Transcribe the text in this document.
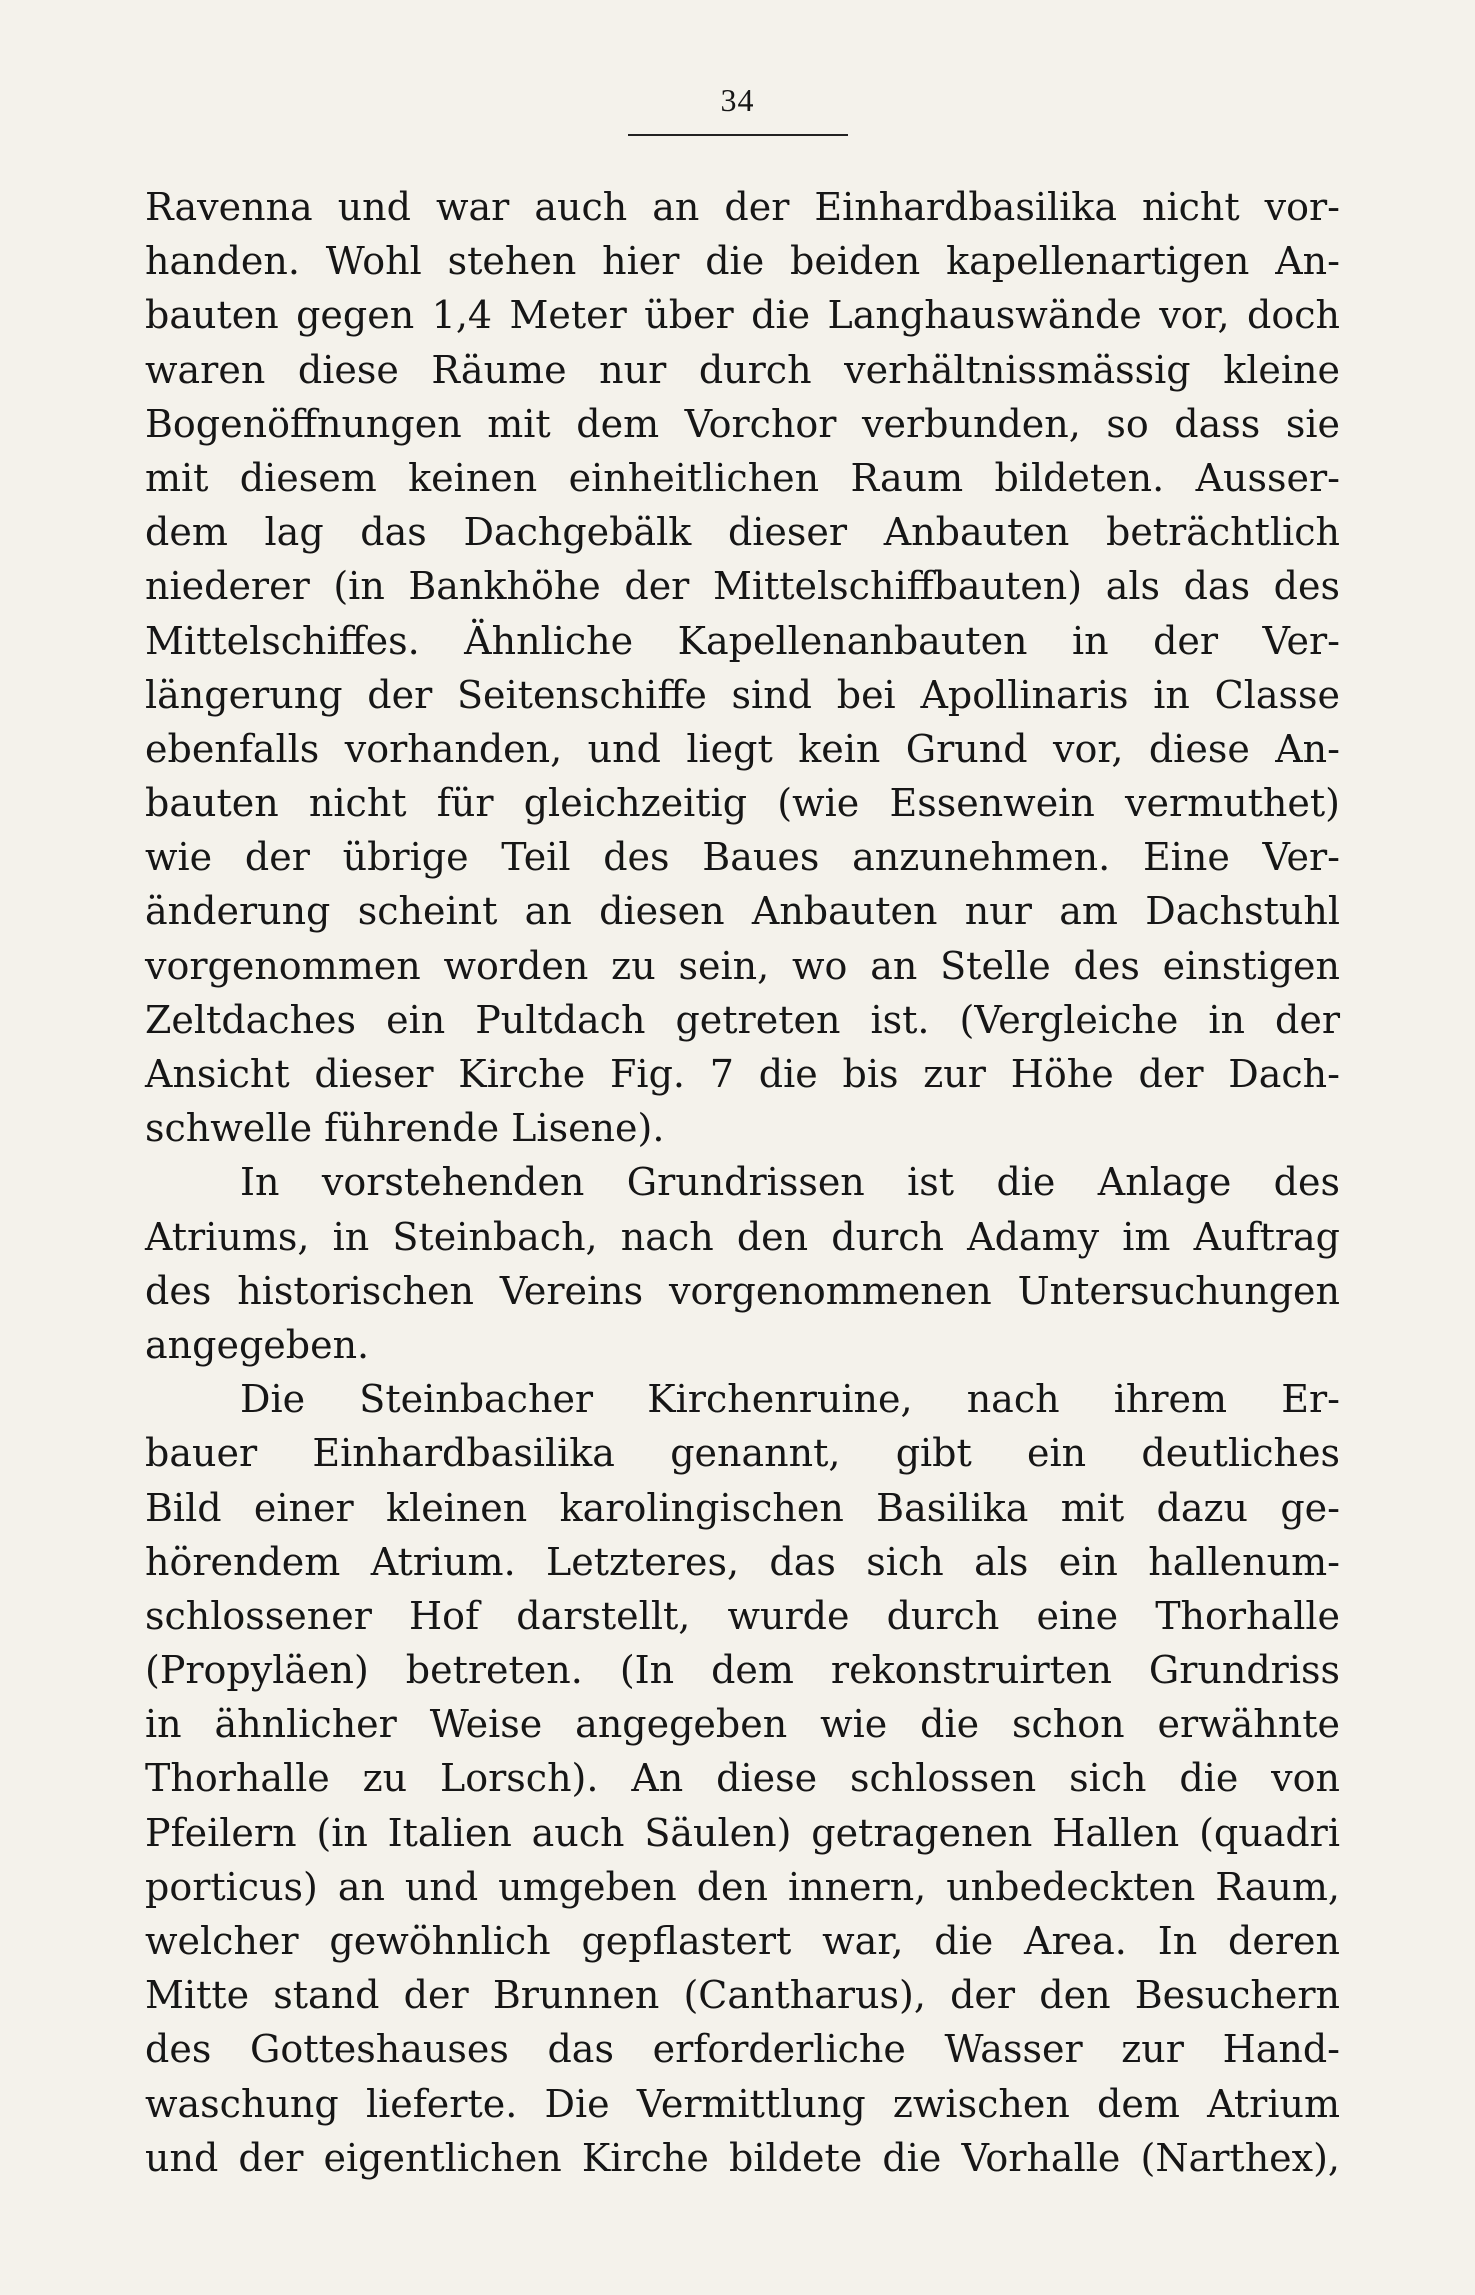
34
Ravenna und war auch an der Einhardbasilika nicht vor-
handen. Wohl stehen hier die beiden kapellenartigen An-
bauten gegen 1,4 Meter über die Langhauswände vor, doch
waren diese Räume nur durch verhältnissmässig kleine
Bogenöffnungen mit dem Vorchor verbunden, so dass sie
mit diesem keinen einheitlichen Raum bildeten. Ausser-
dem lag das Dachgebälk dieser Anbauten beträchtlich
niederer (in Bankhöhe der Mittelschiffbauten) als das des
Mittelschiffes. Ähnliche Kapellenanbauten in der Ver-
längerung der Seitenschiffe sind bei Apollinaris in Classe
ebenfalls vorhanden, und liegt kein Grund vor, diese An-
bauten nicht für gleichzeitig (wie Essenwein vermuthet)
wie der übrige Teil des Baues anzunehmen. Eine Ver-
änderung scheint an diesen Anbauten nur am Dachstuhl
vorgenommen worden zu sein, wo an Stelle des einstigen
Zeltdaches ein Pultdach getreten ist. (Vergleiche in der
Ansicht dieser Kirche Fig. 7 die bis zur Höhe der Dach-
schwelle führende Lisene).
In vorstehenden Grundrissen ist die Anlage des
Atriums, in Steinbach, nach den durch Adamy im Auftrag
des historischen Vereins vorgenommenen Untersuchungen
angegeben.
Die Steinbacher Kirchenruine, nach ihrem Er-
bauer Einhardbasilika genannt, gibt ein deutliches
Bild einer kleinen karolingischen Basilika mit dazu ge-
hörendem Atrium. Letzteres, das sich als ein hallenum-
schlossener Hof darstellt, wurde durch eine Thorhalle
(Propyläen) betreten. (In dem rekonstruirten Grundriss
in ähnlicher Weise angegeben wie die schon erwähnte
Thorhalle zu Lorsch). An diese schlossen sich die von
Pfeilern (in Italien auch Säulen) getragenen Hallen (quadri
porticus) an und umgeben den innern, unbedeckten Raum,
welcher gewöhnlich gepflastert war, die Area. In deren
Mitte stand der Brunnen (Cantharus), der den Besuchern
des Gotteshauses das erforderliche Wasser zur Hand-
waschung lieferte. Die Vermittlung zwischen dem Atrium
und der eigentlichen Kirche bildete die Vorhalle (Narthex),
